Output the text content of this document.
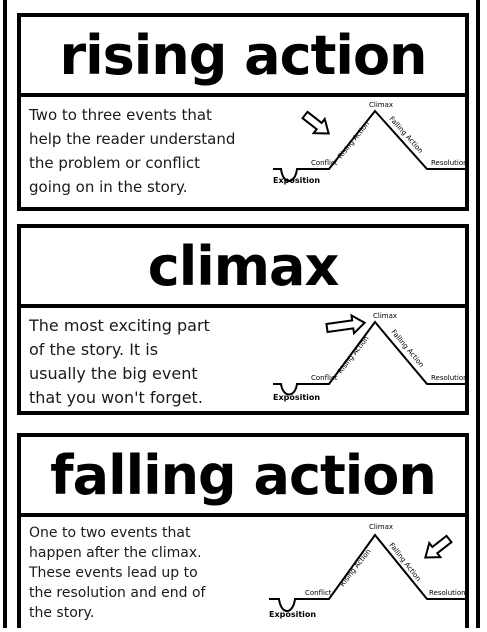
rising action
Two to three events that
help the reader understand
the problem or conflict
going on in the story.
Climax
Conflict	Resolution
Exposition
Rising Action Falling Action
climax
The most exciting part
of the story. It is
usually the big event
that you won't forget.
Climax
Conflict	Resolution
Exposition
Rising Action	Falling Action
falling action
One to two events that
happen after the climax.
These events lead up to
the resolution and end of
the story.
Climax
Conflict	Resolution
Exposition
Rising Action Falling Action
